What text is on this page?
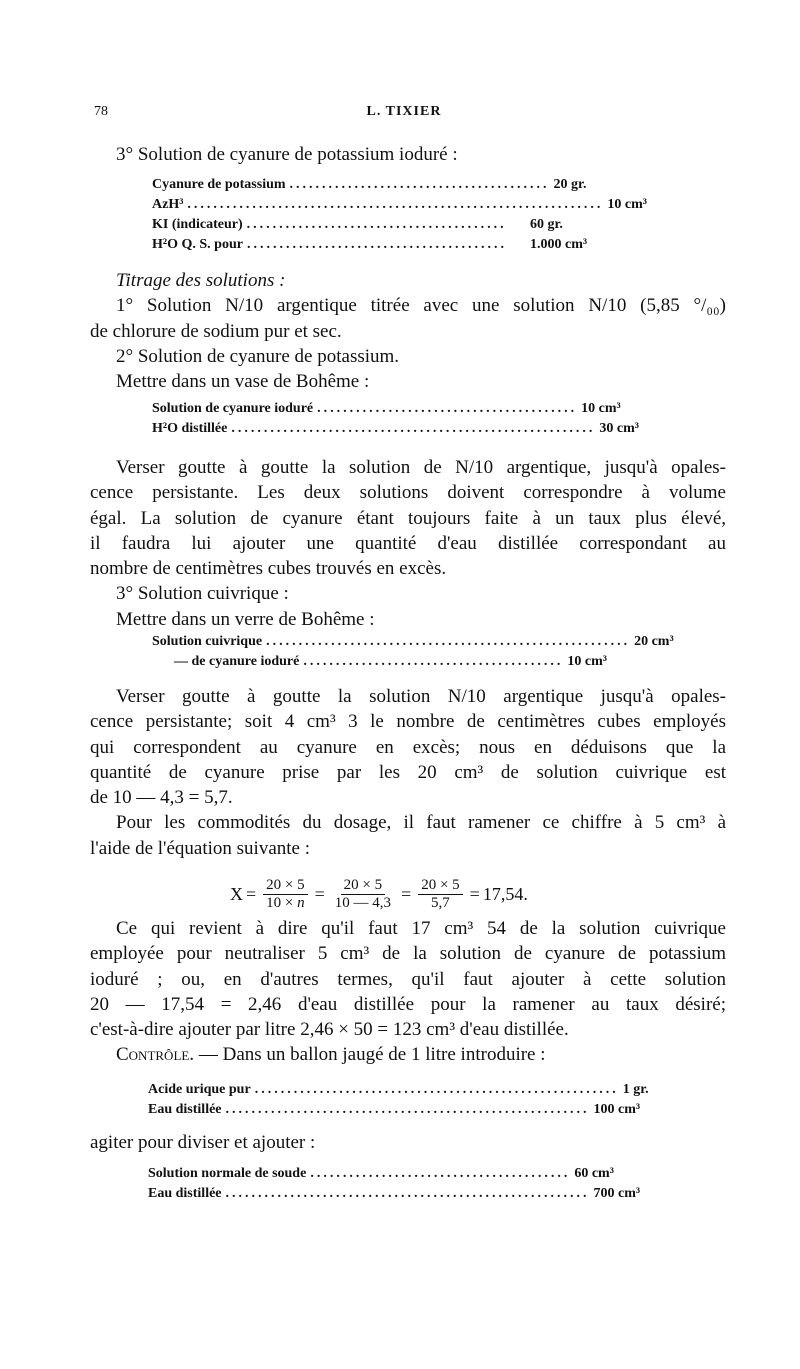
78	L. TIXIER
3° Solution de cyanure de potassium ioduré :
Cyanure de potassium ........................................ 20 gr.
AzH³ ................................................................ 10 cm³
KI (indicateur) ........................................	60 gr.
H²O Q. S. pour ........................................	1.000 cm³
Titrage des solutions :
1° Solution N/10 argentique titrée avec une solution N/10 (5,85 °/₀₀)
de chlorure de sodium pur et sec.
2° Solution de cyanure de potassium.
Mettre dans un vase de Bohême :
Solution de cyanure ioduré ........................................ 10 cm³
H²O distillée ........................................................ 30 cm³
Verser goutte à goutte la solution de N/10 argentique, jusqu'à opales-
cence persistante. Les deux solutions doivent correspondre à volume
égal. La solution de cyanure étant toujours faite à un taux plus élevé,
il faudra lui ajouter une quantité d'eau distillée correspondant au
nombre de centimètres cubes trouvés en excès.
3° Solution cuivrique :
Mettre dans un verre de Bohême :
Solution cuivrique ........................................................ 20 cm³
— de cyanure ioduré ........................................ 10 cm³
Verser goutte à goutte la solution N/10 argentique jusqu'à opales-
cence persistante; soit 4 cm³ 3 le nombre de centimètres cubes employés
qui correspondent au cyanure en excès; nous en déduisons que la
quantité de cyanure prise par les 20 cm³ de solution cuivrique est
de 10 — 4,3 = 5,7.
Pour les commodités du dosage, il faut ramener ce chiffre à 5 cm³ à
l'aide de l'équation suivante :
$X = \frac{20 \times 5}{10 \times n} = \frac{20 \times 5}{10 — 4,3} = \frac{20 \times 5}{5,7} = 17,54$.
Ce qui revient à dire qu'il faut 17 cm³ 54 de la solution cuivrique
employée pour neutraliser 5 cm³ de la solution de cyanure de potassium
ioduré ; ou, en d'autres termes, qu'il faut ajouter à cette solution
20 — 17,54 = 2,46 d'eau distillée pour la ramener au taux désiré;
c'est-à-dire ajouter par litre 2,46 × 50 = 123 cm³ d'eau distillée.
Contrôle. — Dans un ballon jaugé de 1 litre introduire :
Acide urique pur ........................................................ 1 gr.
Eau distillée ........................................................ 100 cm³
agiter pour diviser et ajouter :
Solution normale de soude ........................................ 60 cm³
Eau distillée ........................................................ 700 cm³
